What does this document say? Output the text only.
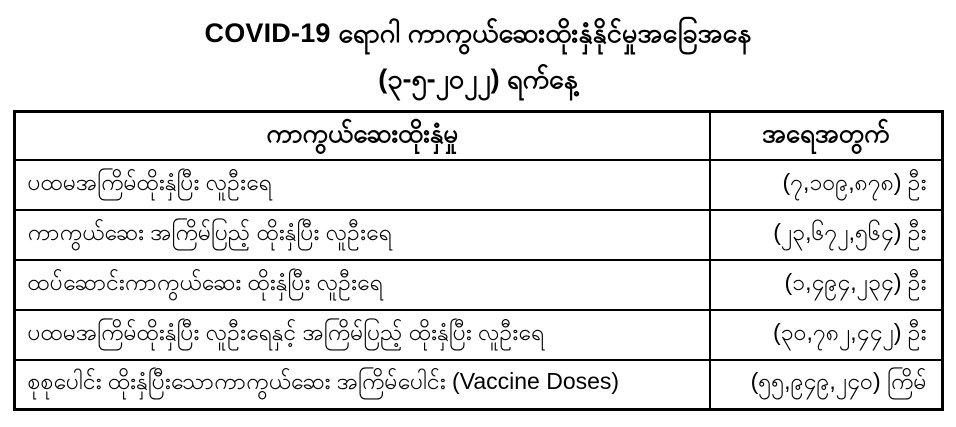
COVID-19 ရောဂါ ကာကွယ်ဆေးထိုးနှံနိုင်မှုအခြေအနေ
(၃-၅-၂၀၂၂) ရက်နေ့
ကာကွယ်ဆေးထိုးနှံမှု	အရေအတွက်
ပထမအကြိမ်ထိုးနှံပြီး လူဦးရေ	(၇,၁၀၉,၈၇၈) ဦး
ကာကွယ်ဆေး အကြိမ်ပြည့် ထိုးနှံပြီး လူဦးရေ	(၂၃,၆၇၂,၅၆၄) ဦး
ထပ်ဆောင်းကာကွယ်ဆေး ထိုးနှံပြီး လူဦးရေ	(၁,၄၉၄,၂၃၄) ဦး
ပထမအကြိမ်ထိုးနှံပြီး လူဦးရေနှင့် အကြိမ်ပြည့် ထိုးနှံပြီး လူဦးရေ	(၃၀,၇၈၂,၄၄၂) ဦး
စုစုပေါင်း ထိုးနှံပြီးသောကာကွယ်ဆေး အကြိမ်ပေါင်း (Vaccine Doses)	(၅၅,၉၄၉,၂၄၀) ကြိမ်
